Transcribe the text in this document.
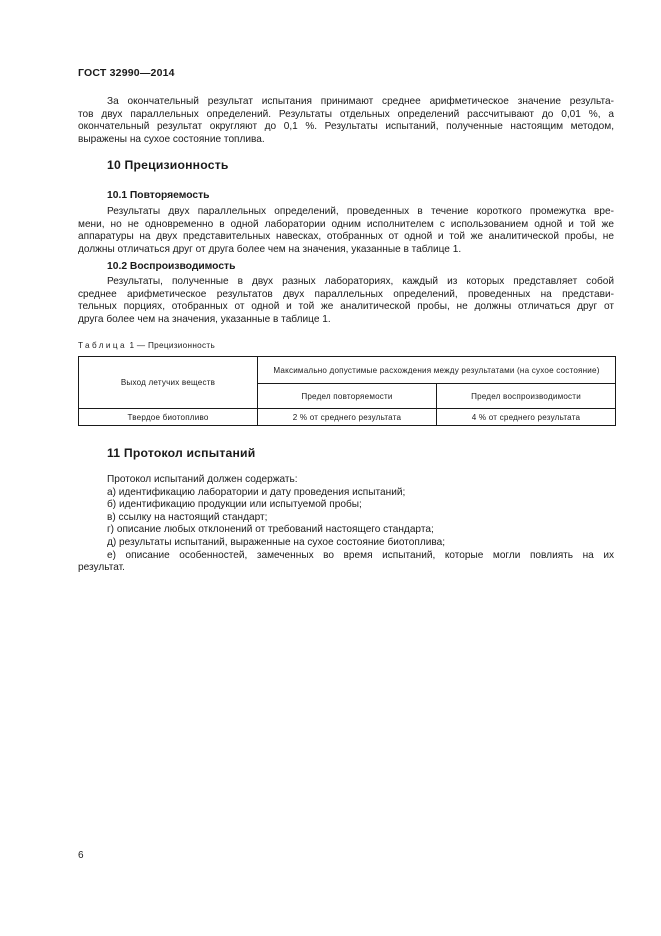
ГОСТ 32990—2014
За окончательный результат испытания принимают среднее арифметическое значение результа-
тов двух параллельных определений. Результаты отдельных определений рассчитывают до 0,01 %, а
окончательный результат округляют до 0,1 %. Результаты испытаний, полученные настоящим методом,
выражены на сухое состояние топлива.
10 Прецизионность
10.1 Повторяемость
Результаты двух параллельных определений, проведенных в течение короткого промежутка вре-
мени, но не одновременно в одной лаборатории одним исполнителем с использованием одной и той же
аппаратуры на двух представительных навесках, отобранных от одной и той же аналитической пробы, не
должны отличаться друг от друга более чем на значения, указанные в таблице 1.
10.2 Воспроизводимость
Результаты, полученные в двух разных лабораториях, каждый из которых представляет собой
среднее арифметическое результатов двух параллельных определений, проведенных на представи-
тельных порциях, отобранных от одной и той же аналитической пробы, не должны отличаться друг от
друга более чем на значения, указанные в таблице 1.
Таблица 1 — Прецизионность
Выход летучих веществ	Максимально допустимые расхождения между результатами (на сухое состояние)	
	Предел повторяемости	Предел воспроизводимости
Твердое биотопливо	2 % от среднего результата	4 % от среднего результата
11 Протокол испытаний
Протокол испытаний должен содержать:
а) идентификацию лаборатории и дату проведения испытаний;
б) идентификацию продукции или испытуемой пробы;
в) ссылку на настоящий стандарт;
г) описание любых отклонений от требований настоящего стандарта;
д) результаты испытаний, выраженные на сухое состояние биотоплива;
е) описание особенностей, замеченных во время испытаний, которые могли повлиять на их
результат.
6
